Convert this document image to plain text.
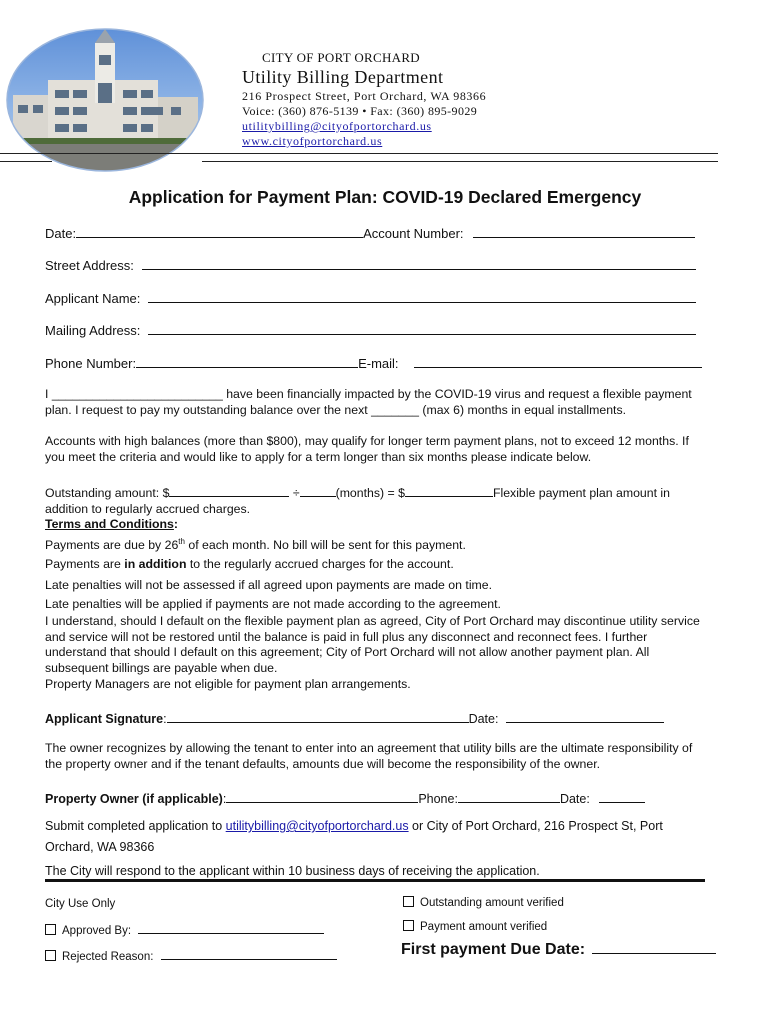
CITY OF PORT ORCHARD
Utility Billing Department
216 Prospect Street, Port Orchard, WA 98366
Voice: (360) 876-5139 • Fax: (360) 895-9029
utilitybilling@cityofportorchard.us
www.cityofportorchard.us
Application for Payment Plan: COVID-19 Declared Emergency
Date:	Account Number:
Street Address:
Applicant Name:
Mailing Address:
Phone Number:	E-mail:
I _________________________ have been financially impacted by the COVID-19 virus and request a flexible payment plan. I request to pay my outstanding balance over the next _______ (max 6) months in equal installments.
Accounts with high balances (more than $800), may qualify for longer term payment plans, not to exceed 12 months. If you meet the criteria and would like to apply for a term longer than six months please indicate below.
Outstanding amount: $	÷	(months) = $	Flexible payment plan amount in
addition to regularly accrued charges.
Terms and Conditions:
Payments are due by 26th of each month. No bill will be sent for this payment.
Payments are in addition to the regularly accrued charges for the account.
Late penalties will not be assessed if all agreed upon payments are made on time.
Late penalties will be applied if payments are not made according to the agreement.
I understand, should I default on the flexible payment plan as agreed, City of Port Orchard may discontinue utility service and service will not be restored until the balance is paid in full plus any disconnect and reconnect fees. I further understand that should I default on this agreement; City of Port Orchard will not allow another payment plan. All subsequent billings are payable when due.
Property Managers are not eligible for payment plan arrangements.
Applicant Signature:	Date:
The owner recognizes by allowing the tenant to enter into an agreement that utility bills are the ultimate responsibility of the property owner and if the tenant defaults, amounts due will become the responsibility of the owner.
Property Owner (if applicable):	Phone:	Date:
Submit completed application to utilitybilling@cityofportorchard.us or City of Port Orchard, 216 Prospect St, Port
Orchard, WA 98366
The City will respond to the applicant within 10 business days of receiving the application.
City Use Only
Approved By:
Rejected Reason:
Outstanding amount verified
Payment amount verified
First payment Due Date:
